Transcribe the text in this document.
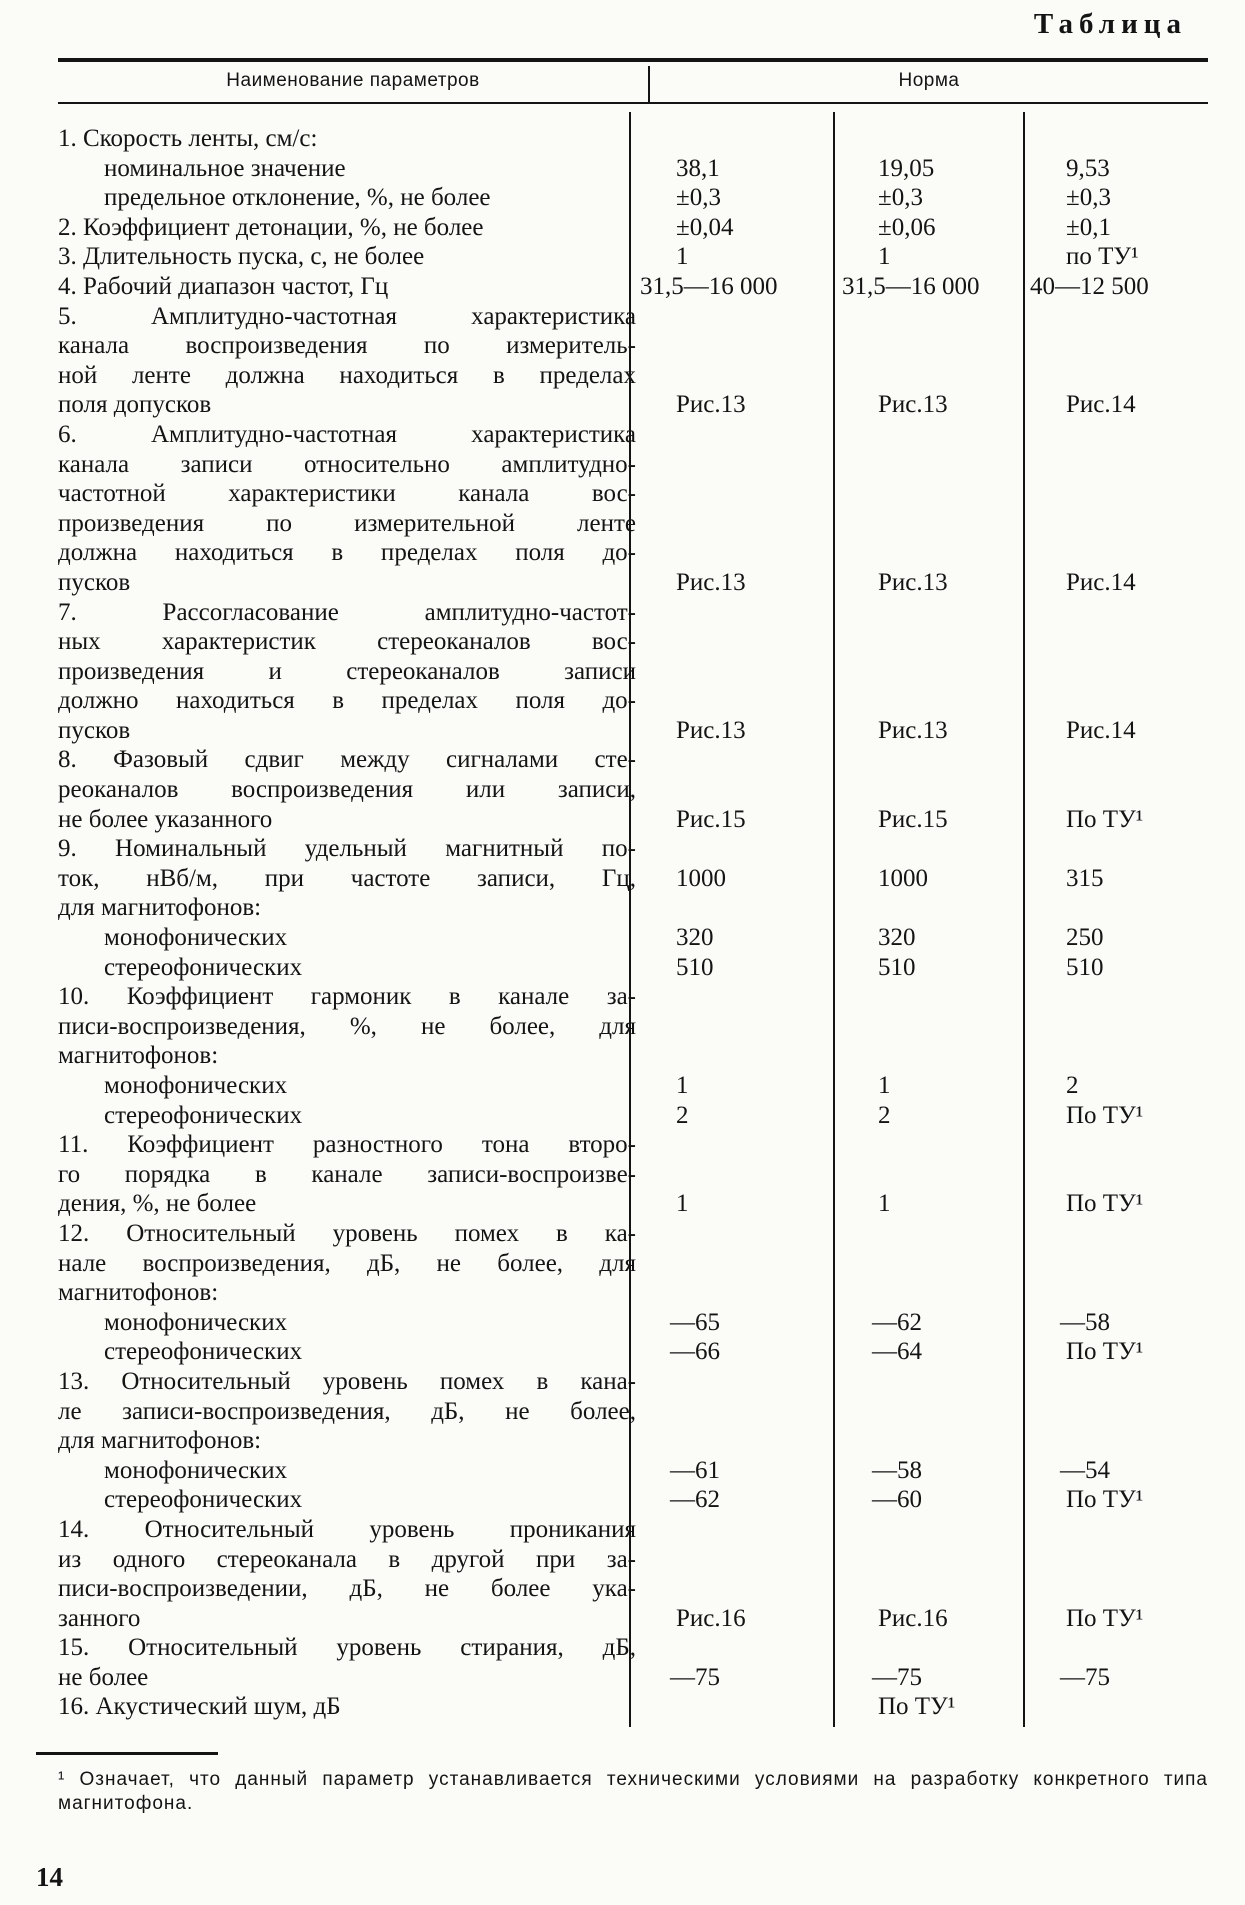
Таблица
Наименование параметров	Норма
1. Скорость ленты, см/с:
номинальное значение
предельное отклонение, %, не более
2. Коэффициент детонации, %, не более
3. Длительность пуска, с, не более
4. Рабочий диапазон частот, Гц
5. Амплитудно-частотная характеристика
канала воспроизведения по измеритель-
ной ленте должна находиться в пределах
поля допусков
6. Амплитудно-частотная характеристика
канала записи относительно амплитудно-
частотной характеристики канала вос-
произведения по измерительной ленте
должна находиться в пределах поля до-
пусков
7. Рассогласование амплитудно-частот-
ных характеристик стереоканалов вос-
произведения и стереоканалов записи
должно находиться в пределах поля до-
пусков
8. Фазовый сдвиг между сигналами сте-
реоканалов воспроизведения или записи,
не более указанного
9. Номинальный удельный магнитный по-
ток, нВб/м, при частоте записи, Гц,
для магнитофонов:
монофонических
стереофонических
10. Коэффициент гармоник в канале за-
писи-воспроизведения, %, не более, для
магнитофонов:
монофонических
стереофонических
11. Коэффициент разностного тона второ-
го порядка в канале записи-воспроизве-
дения, %, не более
12. Относительный уровень помех в ка-
нале воспроизведения, дБ, не более, для
магнитофонов:
монофонических
стереофонических
13. Относительный уровень помех в кана-
ле записи-воспроизведения, дБ, не более,
для магнитофонов:
монофонических
стереофонических
14. Относительный уровень проникания
из одного стереоканала в другой при за-
писи-воспроизведении, дБ, не более ука-
занного
15. Относительный уровень стирания, дБ,
не более
16. Акустический шум, дБ
38,1
±0,3
±0,04
1
31,5—16 000
Рис.13
Рис.13
Рис.13
Рис.15
1000
320
510
1
2
1
—65
—66
—61
—62
Рис.16
—75
19,05
±0,3
±0,06
1
31,5—16 000
Рис.13
Рис.13
Рис.13
Рис.15
1000
320
510
1
2
1
—62
—64
—58
—60
Рис.16
—75
По ТУ¹
9,53
±0,3
±0,1
по ТУ¹
40—12 500
Рис.14
Рис.14
Рис.14
По ТУ¹
315
250
510
2
По ТУ¹
По ТУ¹
—58
По ТУ¹
—54
По ТУ¹
По ТУ¹
—75
¹ Означает, что данный параметр устанавливается техническими условиями на разработку конкретного типа магнитофона.
14
